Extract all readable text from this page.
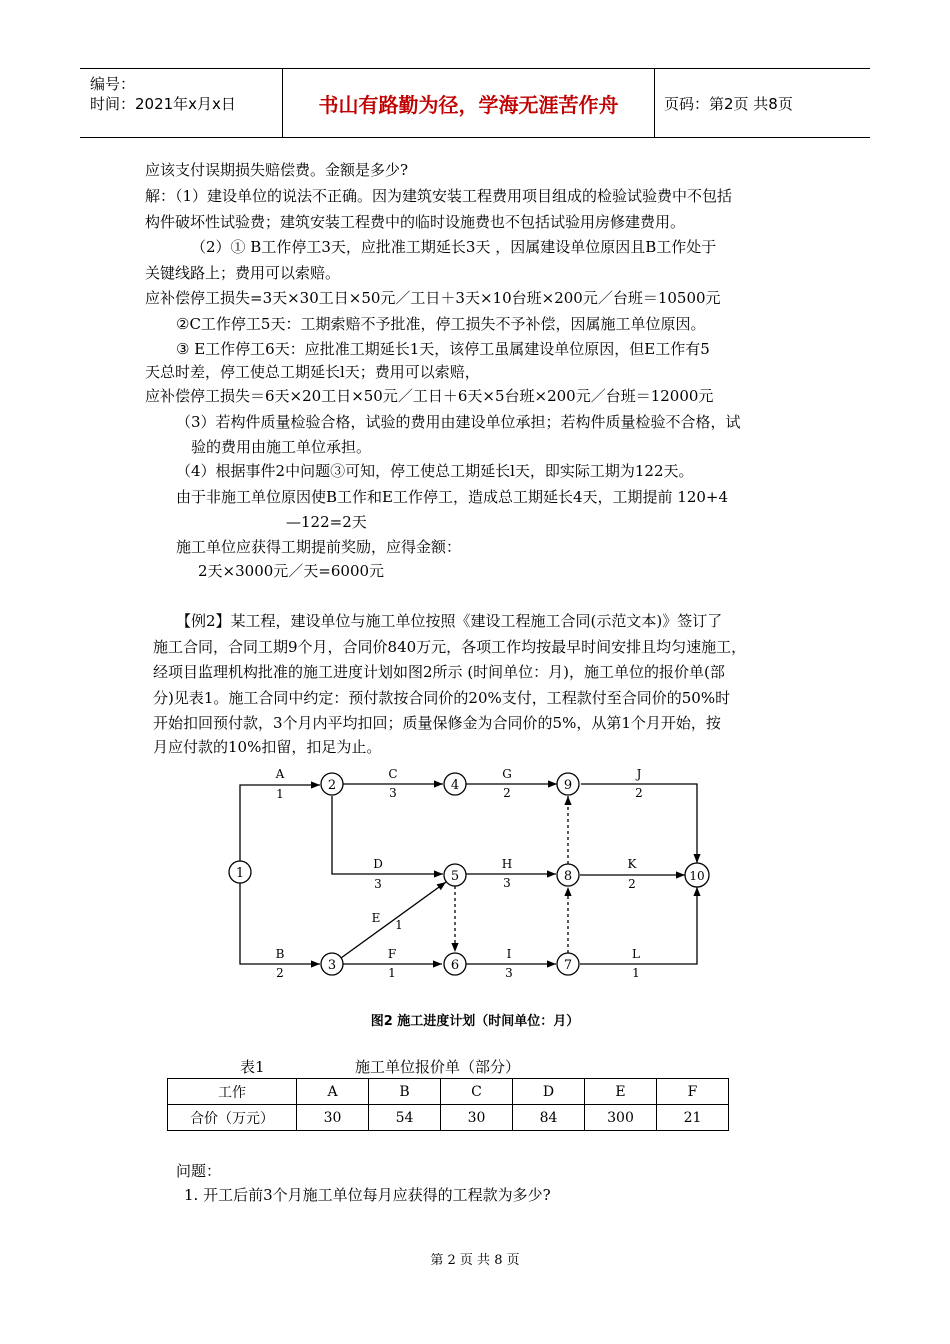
编号：
时间：2021年x月x日	书山有路勤为径，学海无涯苦作舟	页码：第2页 共8页
应该支付误期损失赔偿费。金额是多少?
解：（1）建设单位的说法不正确。因为建筑安装工程费用项目组成的检验试验费中不包括
构件破坏性试验费；建筑安装工程费中的临时设施费也不包括试验用房修建费用。
（2）① B工作停工3天，应批准工期延长3天 ，因属建设单位原因且B工作处于
关键线路上；费用可以索赔。
应补偿停工损失=3天×30工日×50元／工日＋3天×10台班×200元／台班＝10500元
②C工作停工5天：工期索赔不予批准，停工损失不予补偿，因属施工单位原因。
③ E工作停工6天：应批准工期延长1天，该停工虽属建设单位原因，但E工作有5
天总时差，停工使总工期延长l天；费用可以索赔，
应补偿停工损失＝6天×20工日×50元／工日＋6天×5台班×200元／台班＝12000元
（3）若构件质量检验合格，试验的费用由建设单位承担；若构件质量检验不合格，试
验的费用由施工单位承担。
（4）根据事件2中问题③可知，停工使总工期延长l天，即实际工期为122天。
由于非施工单位原因使B工作和E工作停工，造成总工期延长4天，工期提前 120+4
—122=2天
施工单位应获得工期提前奖励，应得金额：
2天×3000元／天=6000元
【例2】某工程，建设单位与施工单位按照《建设工程施工合同(示范文本)》签订了
施工合同，合同工期9个月，合同价840万元，各项工作均按最早时间安排且均匀速施工，
经项目监理机构批准的施工进度计划如图2所示 (时间单位：月)，施工单位的报价单(部
分)见表1。施工合同中约定：预付款按合同价的20%支付，工程款付至合同价的50%时
开始扣回预付款，3个月内平均扣回；质量保修金为合同价的5%，从第1个月开始，按
月应付款的10%扣留，扣足为止。
1
2
3
4
5
6	7
8
9
10
A
1
B
2
C
3
D
3
E 1
F
1
G
2
H
3
I
3
J
2
K
2
L
1
图2 施工进度计划（时间单位：月）
表1	施工单位报价单（部分）
工作	A	B	C	D	E	F
合价（万元）	30	54	30	84	300	21
问题：
1. 开工后前3个月施工单位每月应获得的工程款为多少?
第 2 页 共 8 页
